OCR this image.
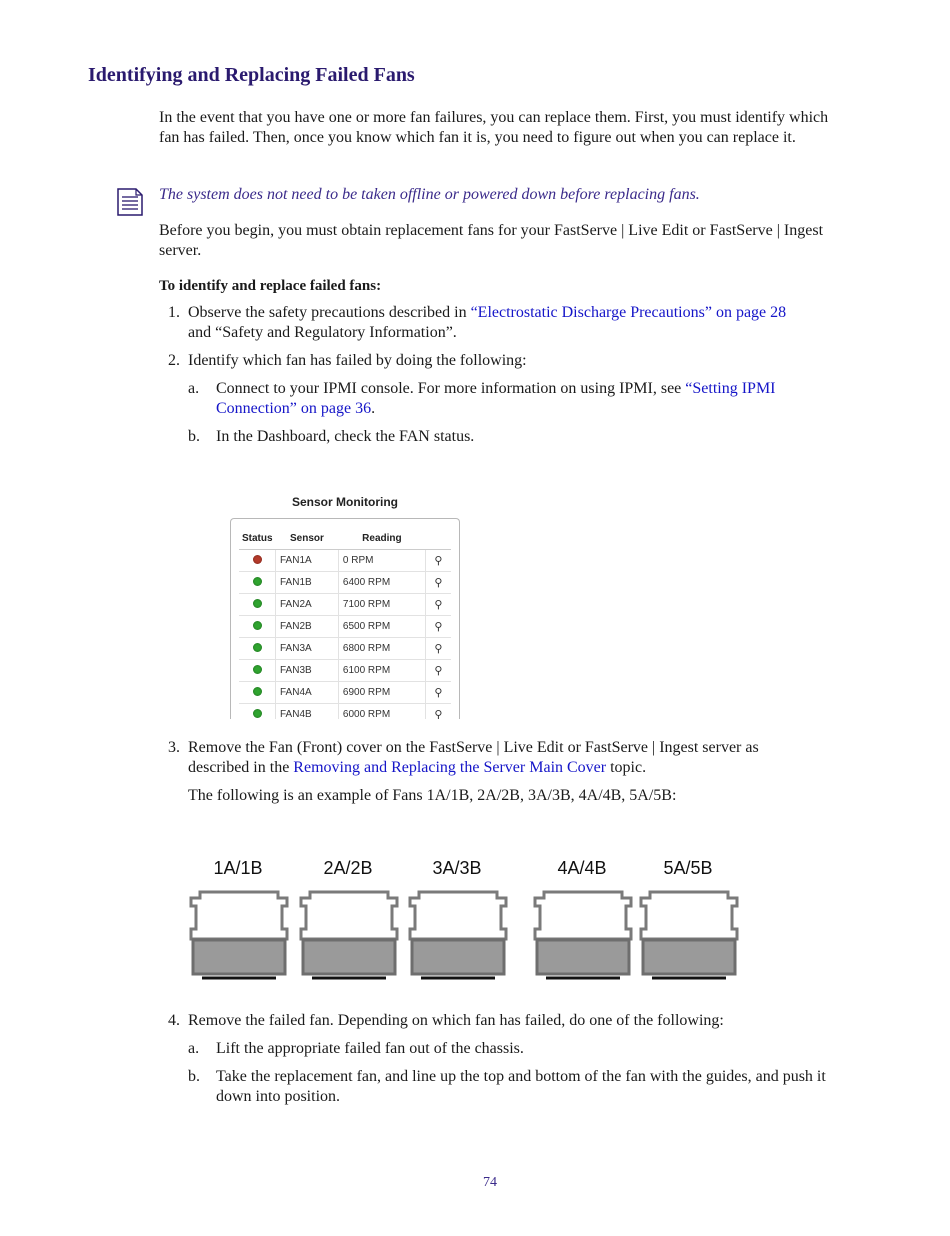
Identifying and Replacing Failed Fans

In the event that you have one or more fan failures, you can replace them. First, you must identify which fan has failed. Then, once you know which fan it is, you need to figure out when you can replace it.

The system does not need to be taken offline or powered down before replacing fans.

Before you begin, you must obtain replacement fans for your FastServe | Live Edit or FastServe | Ingest server.

To identify and replace failed fans:

1. Observe the safety precautions described in “Electrostatic Discharge Precautions” on page 28
and “Safety and Regulatory Information”.

2. Identify which fan has failed by doing the following:

a. Connect to your IPMI console. For more information on using IPMI, see “Setting IPMI
Connection” on page 36.

b. In the Dashboard, check the FAN status.

Sensor Monitoring
Status	Sensor	Reading	
	FAN1A	0 RPM	⚲
	FAN1B	6400 RPM	⚲
	FAN2A	7100 RPM	⚲
	FAN2B	6500 RPM	⚲
	FAN3A	6800 RPM	⚲
	FAN3B	6100 RPM	⚲
	FAN4A	6900 RPM	⚲
	FAN4B	6000 RPM	⚲
3. Remove the Fan (Front) cover on the FastServe | Live Edit or FastServe | Ingest server as
described in the Removing and Replacing the Server Main Cover topic.

The following is an example of Fans 1A/1B, 2A/2B, 3A/3B, 4A/4B, 5A/5B:

1A/1B	2A/2B	3A/3B	4A/4B	5A/5B
4. Remove the failed fan. Depending on which fan has failed, do one of the following:

a. Lift the appropriate failed fan out of the chassis.

b. Take the replacement fan, and line up the top and bottom of the fan with the guides, and push it down into position.

74
